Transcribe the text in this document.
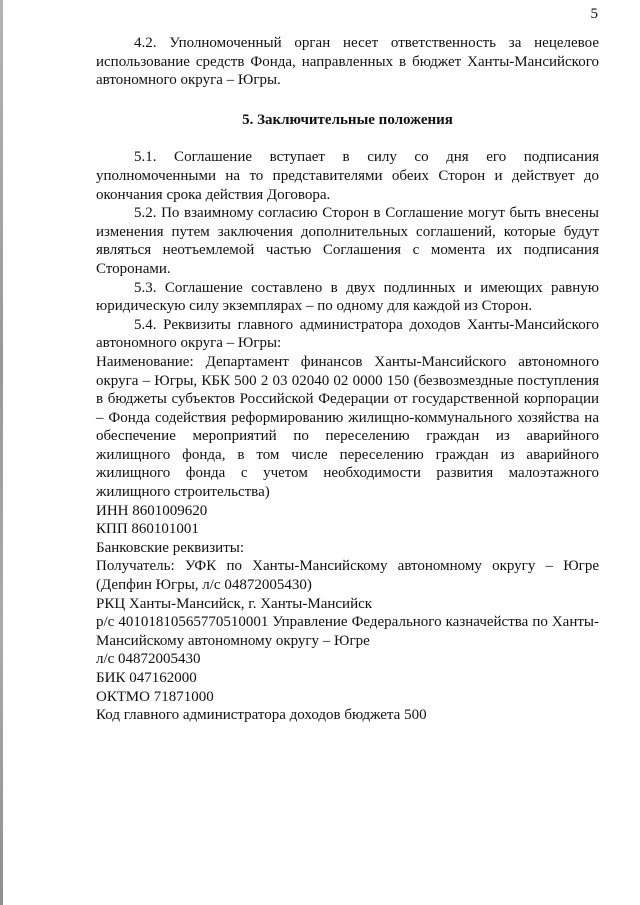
5

4.2. Уполномоченный орган несет ответственность за нецелевое использование средств Фонда, направленных в бюджет Ханты-Мансийского автономного округа – Югры.

5. Заключительные положения

5.1. Соглашение вступает в силу со дня его подписания уполномоченными на то представителями обеих Сторон и действует до окончания срока действия Договора.

5.2. По взаимному согласию Сторон в Соглашение могут быть внесены изменения путем заключения дополнительных соглашений, которые будут являться неотъемлемой частью Соглашения с момента их подписания Сторонами.

5.3. Соглашение составлено в двух подлинных и имеющих равную юридическую силу экземплярах – по одному для каждой из Сторон.

5.4. Реквизиты главного администратора доходов Ханты-Мансийского автономного округа – Югры:

Наименование: Департамент финансов Ханты-Мансийского автономного округа – Югры, КБК 500 2 03 02040 02 0000 150 (безвозмездные поступления в бюджеты субъектов Российской Федерации от государственной корпорации – Фонда содействия реформированию жилищно-коммунального хозяйства на обеспечение мероприятий по переселению граждан из аварийного жилищного фонда, в том числе переселению граждан из аварийного жилищного фонда с учетом необходимости развития малоэтажного жилищного строительства)

ИНН 8601009620

КПП 860101001

Банковские реквизиты:

Получатель: УФК по Ханты-Мансийскому автономному округу – Югре (Депфин Югры, л/с 04872005430)

РКЦ Ханты-Мансийск, г. Ханты-Мансийск

р/с 40101810565770510001 Управление Федерального казначейства по Ханты-Мансийскому автономному округу – Югре

л/с 04872005430

БИК 047162000

ОКТМО 71871000

Код главного администратора доходов бюджета 500
